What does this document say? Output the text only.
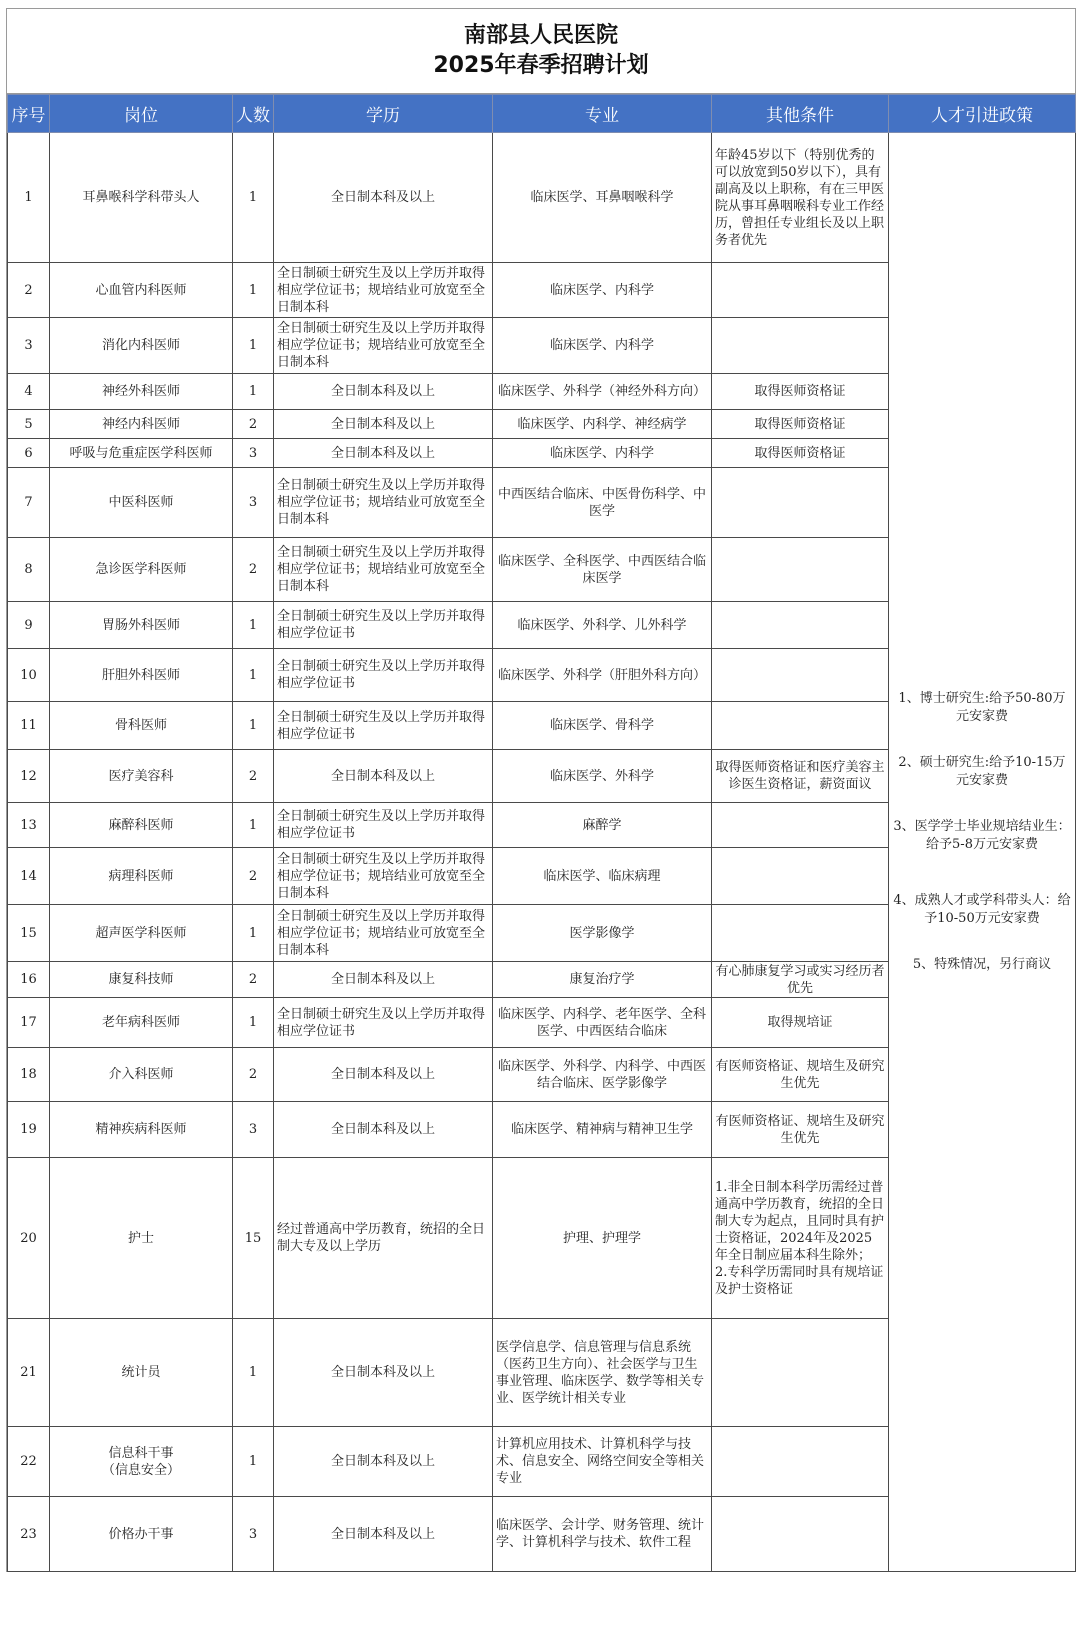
南部县人民医院
2025年春季招聘计划
序号	岗位	人数	学历	专业	其他条件	人才引进政策
1	耳鼻喉科学科带头人	1	全日制本科及以上	临床医学、耳鼻咽喉科学	年龄45岁以下（特别优秀的可以放宽到50岁以下），具有副高及以上职称，有在三甲医院从事耳鼻咽喉科专业工作经历，曾担任专业组长及以上职务者优先	1、博士研究生:给予50-80万元安家费

2、硕士研究生:给予10-15万元安家费

3、医学学士毕业规培结业生：给予5-8万元安家费

4、成熟人才或学科带头人：给予10-50万元安家费

5、特殊情况，另行商议

2	心血管内科医师	1	全日制硕士研究生及以上学历并取得相应学位证书；规培结业可放宽至全日制本科	临床医学、内科学		
3	消化内科医师	1	全日制硕士研究生及以上学历并取得相应学位证书；规培结业可放宽至全日制本科	临床医学、内科学		
4	神经外科医师	1	全日制本科及以上	临床医学、外科学（神经外科方向）	取得医师资格证	
5	神经内科医师	2	全日制本科及以上	临床医学、内科学、神经病学	取得医师资格证	
6	呼吸与危重症医学科医师	3	全日制本科及以上	临床医学、内科学	取得医师资格证	
7	中医科医师	3	全日制硕士研究生及以上学历并取得相应学位证书；规培结业可放宽至全日制本科	中西医结合临床、中医骨伤科学、中医学		
8	急诊医学科医师	2	全日制硕士研究生及以上学历并取得相应学位证书；规培结业可放宽至全日制本科	临床医学、全科医学、中西医结合临床医学		
9	胃肠外科医师	1	全日制硕士研究生及以上学历并取得相应学位证书	临床医学、外科学、儿外科学		
10	肝胆外科医师	1	全日制硕士研究生及以上学历并取得相应学位证书	临床医学、外科学（肝胆外科方向）		
11	骨科医师	1	全日制硕士研究生及以上学历并取得相应学位证书	临床医学、骨科学		
12	医疗美容科	2	全日制本科及以上	临床医学、外科学	取得医师资格证和医疗美容主诊医生资格证，薪资面议	
13	麻醉科医师	1	全日制硕士研究生及以上学历并取得相应学位证书	麻醉学		
14	病理科医师	2	全日制硕士研究生及以上学历并取得相应学位证书；规培结业可放宽至全日制本科	临床医学、临床病理		
15	超声医学科医师	1	全日制硕士研究生及以上学历并取得相应学位证书；规培结业可放宽至全日制本科	医学影像学		
16	康复科技师	2	全日制本科及以上	康复治疗学	有心肺康复学习或实习经历者优先	
17	老年病科医师	1	全日制硕士研究生及以上学历并取得相应学位证书	临床医学、内科学、老年医学、全科医学、中西医结合临床	取得规培证	
18	介入科医师	2	全日制本科及以上	临床医学、外科学、内科学、中西医结合临床、医学影像学	有医师资格证、规培生及研究生优先	
19	精神疾病科医师	3	全日制本科及以上	临床医学、精神病与精神卫生学	有医师资格证、规培生及研究生优先	
20	护士	15	经过普通高中学历教育，统招的全日制大专及以上学历	护理、护理学	1.非全日制本科学历需经过普通高中学历教育，统招的全日制大专为起点，且同时具有护士资格证，2024年及2025年全日制应届本科生除外；
2.专科学历需同时具有规培证及护士资格证	
21	统计员	1	全日制本科及以上	医学信息学、信息管理与信息系统（医药卫生方向）、社会医学与卫生事业管理、临床医学、数学等相关专业、医学统计相关专业		
22	信息科干事
（信息安全）	1	全日制本科及以上	计算机应用技术、计算机科学与技术、信息安全、网络空间安全等相关专业		
23	价格办干事	3	全日制本科及以上	临床医学、会计学、财务管理、统计学、计算机科学与技术、软件工程		
